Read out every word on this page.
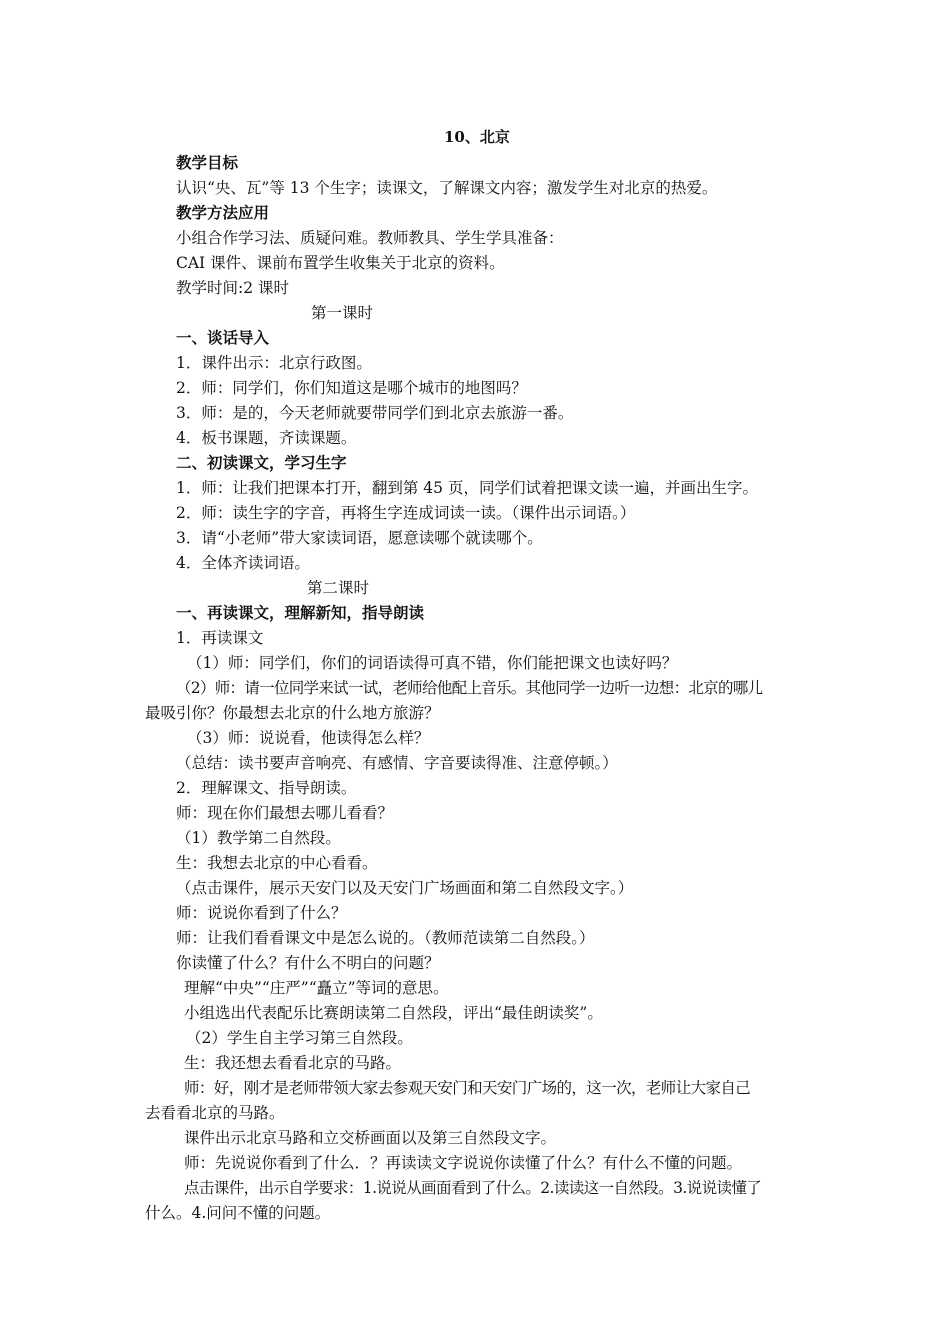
10、北京
教学目标
认识“央、瓦”等 13 个生字；读课文，了解课文内容；激发学生对北京的热爱。
教学方法应用
小组合作学习法、质疑问难。教师教具、学生学具准备：
CAI 课件、课前布置学生收集关于北京的资料。
教学时间:2 课时
第一课时
一、谈话导入
1．课件出示：北京行政图。
2．师：同学们，你们知道这是哪个城市的地图吗？
3．师：是的，今天老师就要带同学们到北京去旅游一番。
4．板书课题，齐读课题。
二、初读课文，学习生字
1．师：让我们把课本打开，翻到第 45 页，同学们试着把课文读一遍，并画出生字。
2．师：读生字的字音，再将生字连成词读一读。（课件出示词语。）
3．请“小老师”带大家读词语，愿意读哪个就读哪个。
4．全体齐读词语。
第二课时
一、再读课文，理解新知，指导朗读
1．再读课文
（1）师：同学们，你们的词语读得可真不错，你们能把课文也读好吗？
（2）师：请一位同学来试一试，老师给他配上音乐。其他同学一边听一边想：北京的哪儿
最吸引你？你最想去北京的什么地方旅游？
（3）师：说说看，他读得怎么样？
（总结：读书要声音响亮、有感情、字音要读得准、注意停顿。）
2．理解课文、指导朗读。
师：现在你们最想去哪儿看看？
（1）教学第二自然段。
生：我想去北京的中心看看。
（点击课件，展示天安门以及天安门广场画面和第二自然段文字。）
师：说说你看到了什么？
师：让我们看看课文中是怎么说的。（教师范读第二自然段。）
你读懂了什么？有什么不明白的问题？
理解“中央”“庄严”“矗立”等词的意思。
小组选出代表配乐比赛朗读第二自然段，评出“最佳朗读奖”。
（2）学生自主学习第三自然段。
生：我还想去看看北京的马路。
师：好，刚才是老师带领大家去参观天安门和天安门广场的，这一次，老师让大家自己
去看看北京的马路。
课件出示北京马路和立交桥画面以及第三自然段文字。
师：先说说你看到了什么．？再读读文字说说你读懂了什么？有什么不懂的问题。
点击课件，出示自学要求：1.说说从画面看到了什么。2.读读这一自然段。3.说说读懂了
什么。4.问问不懂的问题。
